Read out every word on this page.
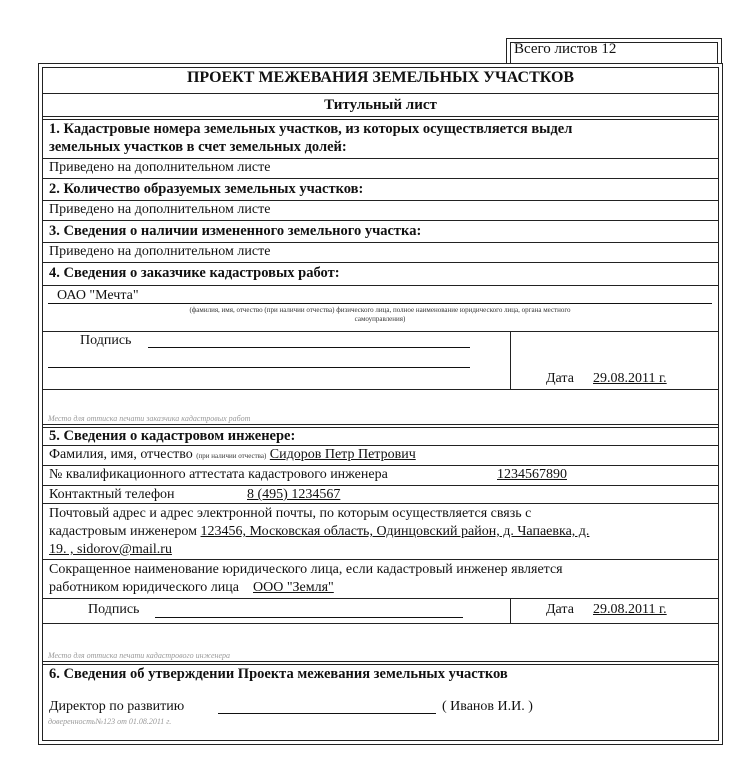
Всего листов 12
ПРОЕКТ МЕЖЕВАНИЯ ЗЕМЕЛЬНЫХ УЧАСТКОВ
Титульный лист
1. Кадастровые номера земельных участков, из которых осуществляется выдел
земельных участков в счет земельных долей:
Приведено на дополнительном листе
2. Количество образуемых земельных участков:
Приведено на дополнительном листе
3. Сведения о наличии измененного земельного участка:
Приведено на дополнительном листе
4. Сведения о заказчике кадастровых работ:
ОАО "Мечта"
(фамилия, имя, отчество (при наличии отчества) физического лица, полное наименование юридического лица, органа местного
самоуправления)
Подпись
Дата 29.08.2011 г.
Место для оттиска печати заказчика кадастровых работ
5. Сведения о кадастровом инженере:
Фамилия, имя, отчество (при наличии отчества) Сидоров Петр Петрович
№ квалификационного аттестата кадастрового инженера	1234567890
Контактный телефон	8 (495) 1234567
Почтовый адрес и адрес электронной почты, по которым осуществляется связь с
кадастровым инженером 123456, Московская область, Одинцовский район, д. Чапаевка, д.
19. , sidorov@mail.ru
Сокращенное наименование юридического лица, если кадастровый инженер является
работником юридического лица ООО "Земля"
Подпись	Дата 29.08.2011 г.
Место для оттиска печати кадастрового инженера
6. Сведения об утверждении Проекта межевания земельных участков
Директор по развитию	( Иванов И.И. )
доверенность№123 от 01.08.2011 г.
